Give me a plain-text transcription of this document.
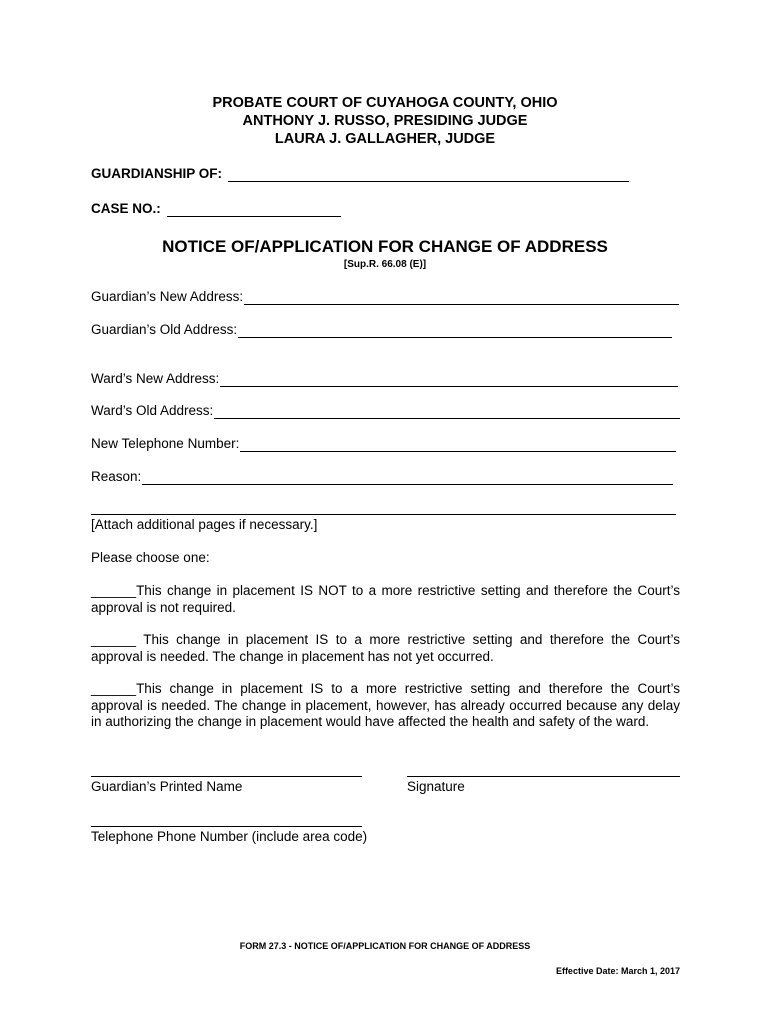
PROBATE COURT OF CUYAHOGA COUNTY, OHIO
ANTHONY J. RUSSO, PRESIDING JUDGE
LAURA J. GALLAGHER, JUDGE
GUARDIANSHIP OF:
CASE NO.:
NOTICE OF/APPLICATION FOR CHANGE OF ADDRESS
[Sup.R. 66.08 (E)]
Guardian’s New Address:
Guardian’s Old Address:
Ward’s New Address:
Ward’s Old Address:
New Telephone Number:
Reason:
[Attach additional pages if necessary.]
Please choose one:
______This change in placement IS NOT to a more restrictive setting and therefore the Court’s approval is not required.
______ This change in placement IS to a more restrictive setting and therefore the Court’s approval is needed. The change in placement has not yet occurred.
______This change in placement IS to a more restrictive setting and therefore the Court’s approval is needed. The change in placement, however, has already occurred because any delay in authorizing the change in placement would have affected the health and safety of the ward.
Guardian’s Printed Name	Signature
Telephone Phone Number (include area code)
FORM 27.3 - NOTICE OF/APPLICATION FOR CHANGE OF ADDRESS
Effective Date: March 1, 2017
